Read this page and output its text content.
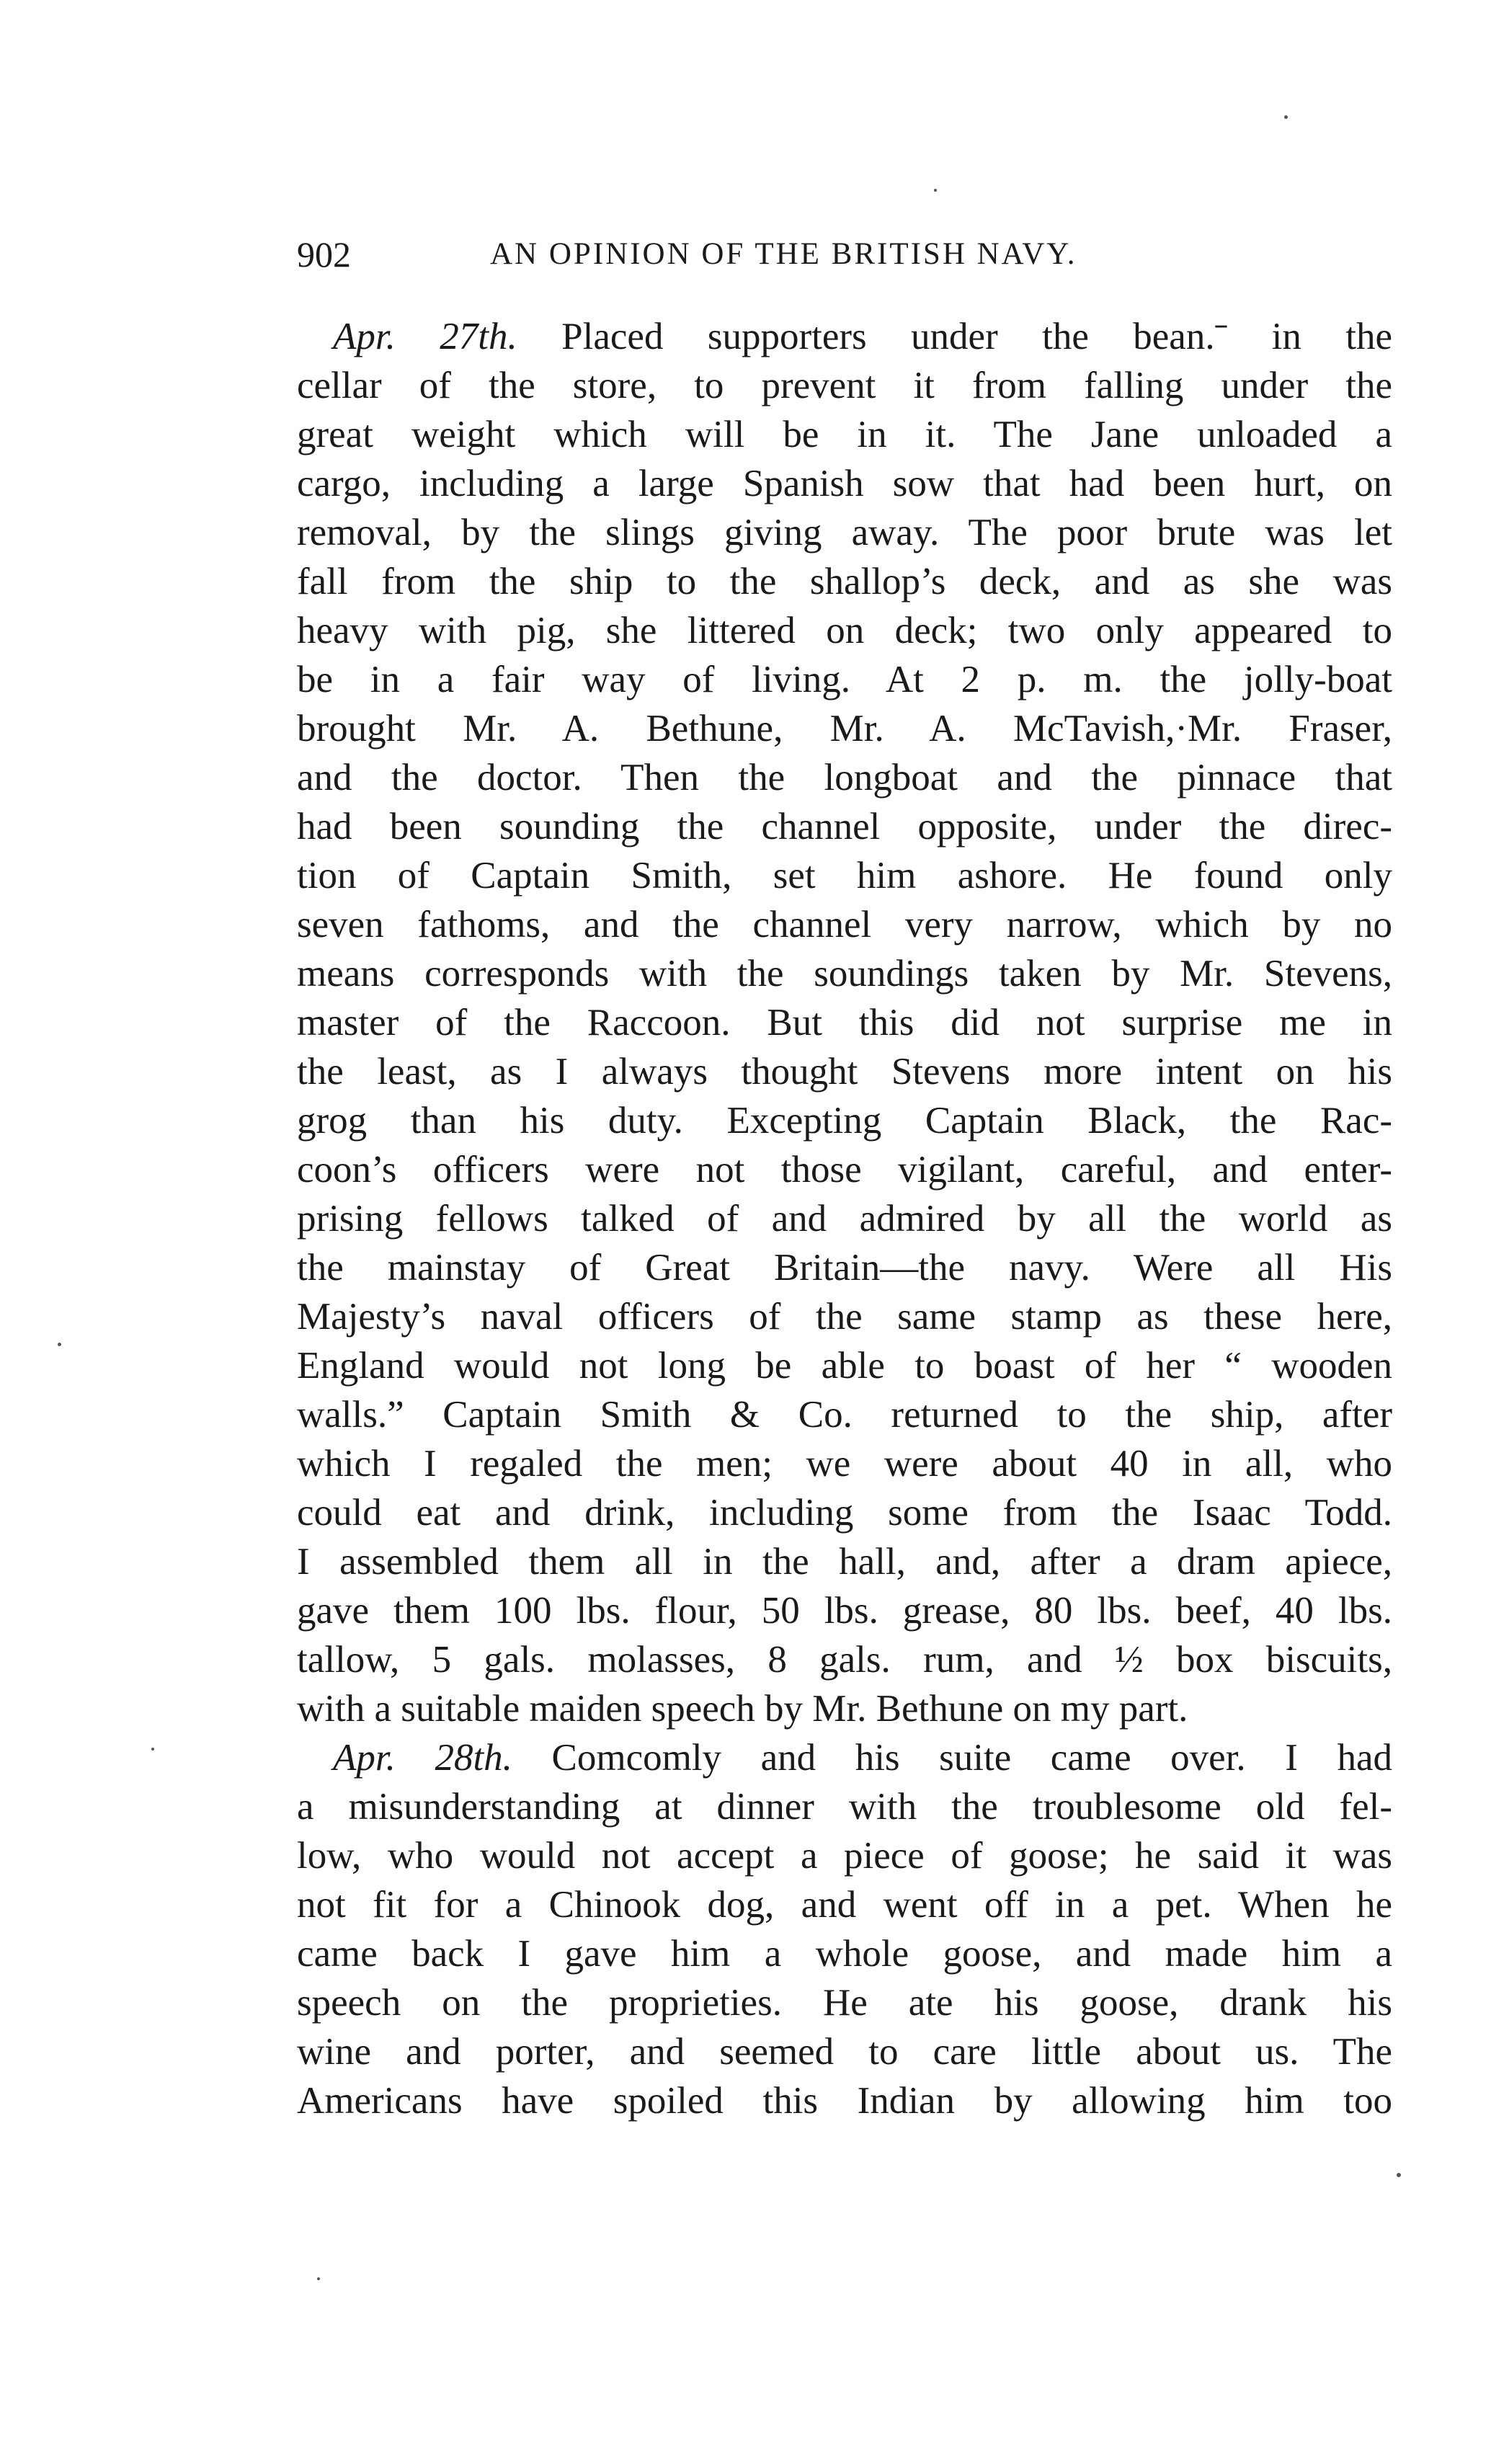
902	AN OPINION OF THE BRITISH NAVY.
Apr. 27th. Placed supporters under the bean.ˉ in the
cellar of the store, to prevent it from falling under the
great weight which will be in it. The Jane unloaded a
cargo, including a large Spanish sow that had been hurt, on
removal, by the slings giving away. The poor brute was let
fall from the ship to the shallop’s deck, and as she was
heavy with pig, she littered on deck; two only appeared to
be in a fair way of living. At 2 p. m. the jolly-boat
brought Mr. A. Bethune, Mr. A. McTavish,·Mr. Fraser,
and the doctor. Then the longboat and the pinnace that
had been sounding the channel opposite, under the direc-
tion of Captain Smith, set him ashore. He found only
seven fathoms, and the channel very narrow, which by no
means corresponds with the soundings taken by Mr. Stevens,
master of the Raccoon. But this did not surprise me in
the least, as I always thought Stevens more intent on his
grog than his duty. Excepting Captain Black, the Rac-
coon’s officers were not those vigilant, careful, and enter-
prising fellows talked of and admired by all the world as
the mainstay of Great Britain—the navy. Were all His
Majesty’s naval officers of the same stamp as these here,
England would not long be able to boast of her “ wooden
walls.” Captain Smith & Co. returned to the ship, after
which I regaled the men; we were about 40 in all, who
could eat and drink, including some from the Isaac Todd.
I assembled them all in the hall, and, after a dram apiece,
gave them 100 lbs. flour, 50 lbs. grease, 80 lbs. beef, 40 lbs.
tallow, 5 gals. molasses, 8 gals. rum, and ½ box biscuits,
with a suitable maiden speech by Mr. Bethune on my part.
Apr. 28th. Comcomly and his suite came over. I had
a misunderstanding at dinner with the troublesome old fel-
low, who would not accept a piece of goose; he said it was
not fit for a Chinook dog, and went off in a pet. When he
came back I gave him a whole goose, and made him a
speech on the proprieties. He ate his goose, drank his
wine and porter, and seemed to care little about us. The
Americans have spoiled this Indian by allowing him too
